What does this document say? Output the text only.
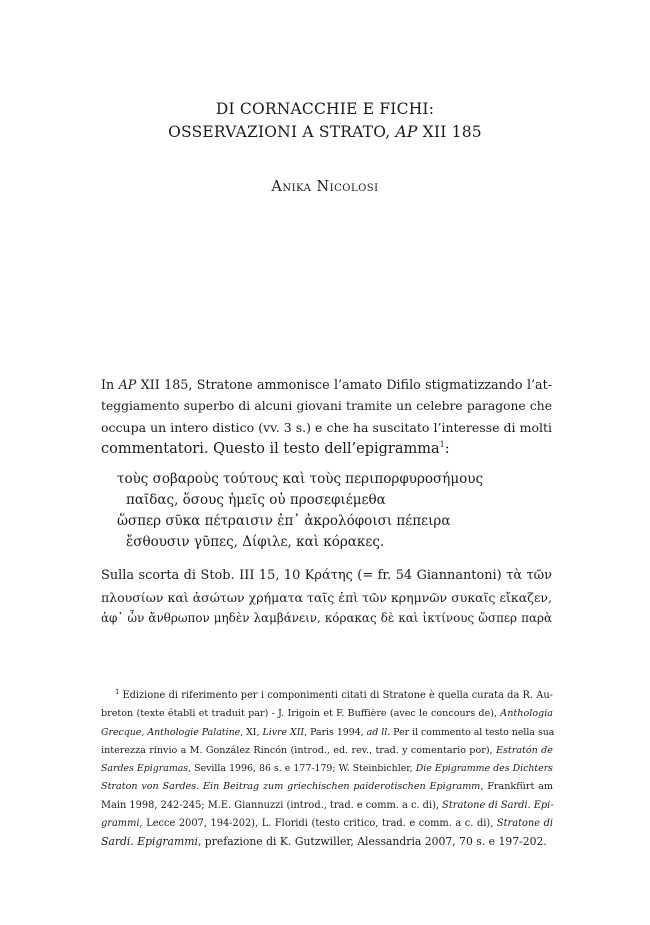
DI CORNACCHIE E FICHI:
OSSERVAZIONI A STRATO, AP XII 185
Anika Nicolosi
In AP XII 185, Stratone ammonisce l’amato Difilo stigmatizzando l’at-
teggiamento superbo di alcuni giovani tramite un celebre paragone che
occupa un intero distico (vv. 3 s.) e che ha suscitato l’interesse di molti
commentatori. Questo il testo dell’epigramma$^1$:
τοὺς σοβαροὺς τούτους καὶ τοὺς περιπορφυροσήμους
παῖδας, ὅσους ἡμεῖς οὐ προσεφιέμεθα
ὥσπερ σῦκα πέτραισιν ἐπ᾽ ἀκρολόφοισι πέπειρα
ἔσθουσιν γῦπες, Δίφιλε, καὶ κόρακες.
Sulla scorta di Stob. III 15, 10 Κράτης (= fr. 54 Giannantoni) τὰ τῶν
πλουσίων καὶ ἀσώτων χρήματα ταῖς ἐπὶ τῶν κρημνῶν συκαῖς εἴκαζεν,
ἀφ᾽ ὧν ἄνθρωπον μηδὲν λαμβάνειν, κόρακας δὲ καὶ ἰκτίνους ὥσπερ παρὰ
$^1$ Edizione di riferimento per i componimenti citati di Stratone è quella curata da R. Au-
breton (texte établi et traduit par) - J. Irigoin et F. Buffière (avec le concours de), Anthologia
Grecque, Anthologie Palatine, XI, Livre XII, Paris 1994, ad ll. Per il commento al testo nella sua
interezza rinvio a M. González Rincón (introd., ed. rev., trad. y comentario por), Estratón de
Sardes Epigramas, Sevilla 1996, 86 s. e 177-179; W. Steinbichler, Die Epigramme des Dichters
Straton von Sardes. Ein Beitrag zum griechischen paiderotischen Epigramm, Frankfürt am
Main 1998, 242-245; M.E. Giannuzzi (introd., trad. e comm. a c. di), Stratone di Sardi. Epi-
grammi, Lecce 2007, 194-202), L. Floridi (testo critico, trad. e comm. a c. di), Stratone di
Sardi. Epigrammi, prefazione di K. Gutzwiller, Alessandria 2007, 70 s. e 197-202.
